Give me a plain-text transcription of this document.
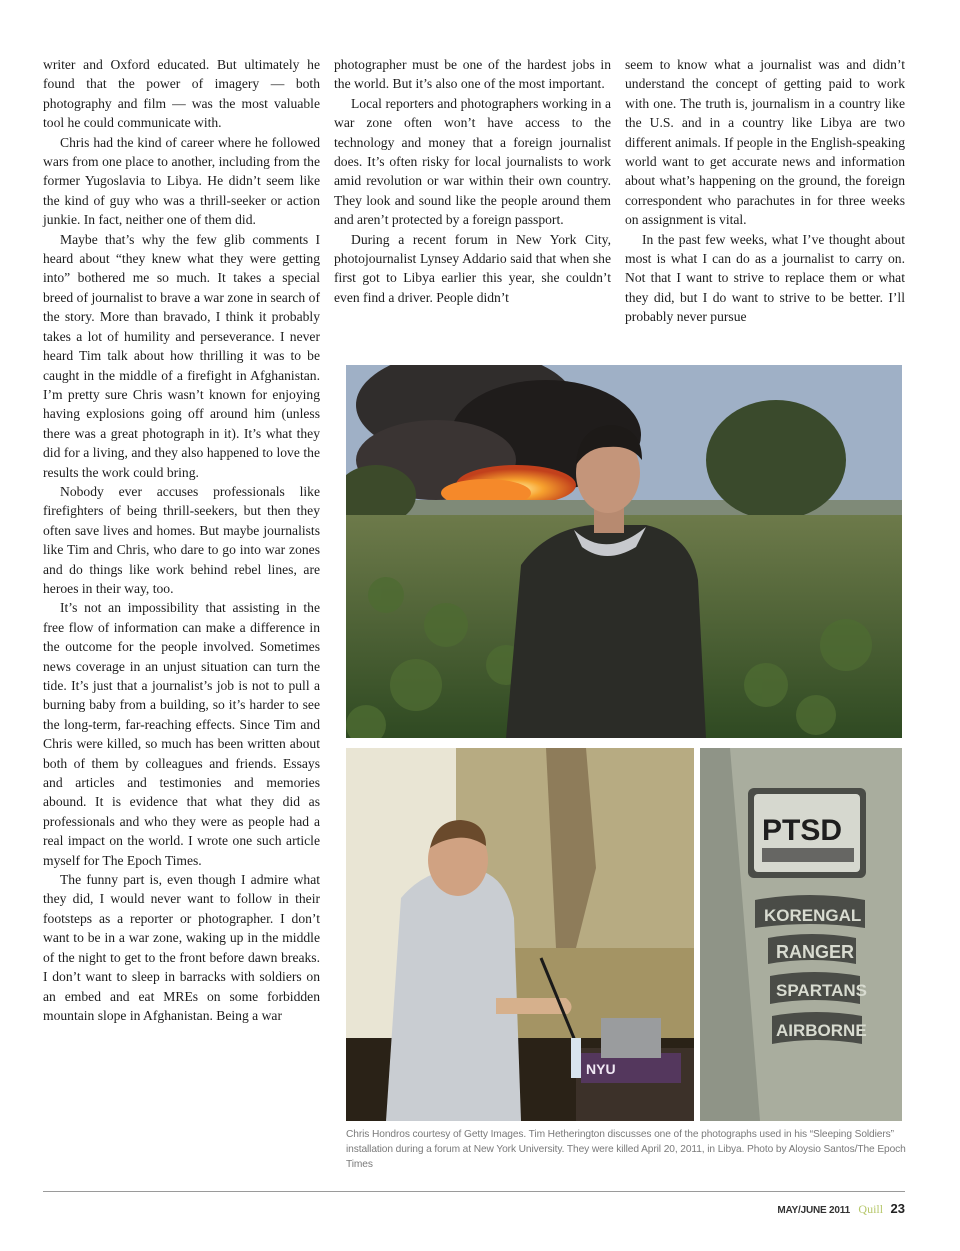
writer and Oxford educated. But ultimately he found that the power of imagery — both photography and film — was the most valuable tool he could communicate with.

Chris had the kind of career where he followed wars from one place to another, including from the former Yugoslavia to Libya. He didn’t seem like the kind of guy who was a thrill-seeker or action junkie. In fact, neither one of them did.

Maybe that’s why the few glib comments I heard about “they knew what they were getting into” bothered me so much. It takes a special breed of journalist to brave a war zone in search of the story. More than bravado, I think it probably takes a lot of humility and perseverance. I never heard Tim talk about how thrilling it was to be caught in the middle of a firefight in Afghanistan. I’m pretty sure Chris wasn’t known for enjoying having explosions going off around him (unless there was a great photograph in it). It’s what they did for a living, and they also happened to love the results the work could bring.

Nobody ever accuses professionals like firefighters of being thrill-seekers, but then they often save lives and homes. But maybe journalists like Tim and Chris, who dare to go into war zones and do things like work behind rebel lines, are heroes in their way, too.

It’s not an impossibility that assisting in the free flow of information can make a difference in the outcome for the people involved. Sometimes news coverage in an unjust situation can turn the tide. It’s just that a journalist’s job is not to pull a burning baby from a building, so it’s harder to see the long-term, far-reaching effects. Since Tim and Chris were killed, so much has been written about both of them by colleagues and friends. Essays and articles and testimonies and memories abound. It is evidence that what they did as professionals and who they were as people had a real impact on the world. I wrote one such article myself for The Epoch Times.

The funny part is, even though I admire what they did, I would never want to follow in their footsteps as a reporter or photographer. I don’t want to be in a war zone, waking up in the middle of the night to get to the front before dawn breaks. I don’t want to sleep in barracks with soldiers on an embed and eat MREs on some forbidden mountain slope in Afghanistan. Being a war

photographer must be one of the hardest jobs in the world. But it’s also one of the most important.

Local reporters and photographers working in a war zone often won’t have access to the technology and money that a foreign journalist does. It’s often risky for local journalists to work amid revolution or war within their own country. They look and sound like the people around them and aren’t protected by a foreign passport.

During a recent forum in New York City, photojournalist Lynsey Addario said that when she first got to Libya earlier this year, she couldn’t even find a driver. People didn’t

seem to know what a journalist was and didn’t understand the concept of getting paid to work with one. The truth is, journalism in a country like the U.S. and in a country like Libya are two different animals. If people in the English-speaking world want to get accurate news and information about what’s happening on the ground, the foreign correspondent who parachutes in for three weeks on assignment is vital.

In the past few weeks, what I’ve thought about most is what I can do as a journalist to carry on. Not that I want to strive to replace them or what they did, but I do want to strive to be better. I’ll probably never pursue

NYU
PTSD
KORENGAL
RANGER
SPARTANS
AIRBORNE
Chris Hondros courtesy of Getty Images. Tim Hetherington discusses one of the photographs used in his “Sleeping Soldiers” installation during a forum at New York University. They were killed April 20, 2011, in Libya. Photo by Aloysio Santos/The Epoch Times
MAY/JUNE 2011 Quill 23
